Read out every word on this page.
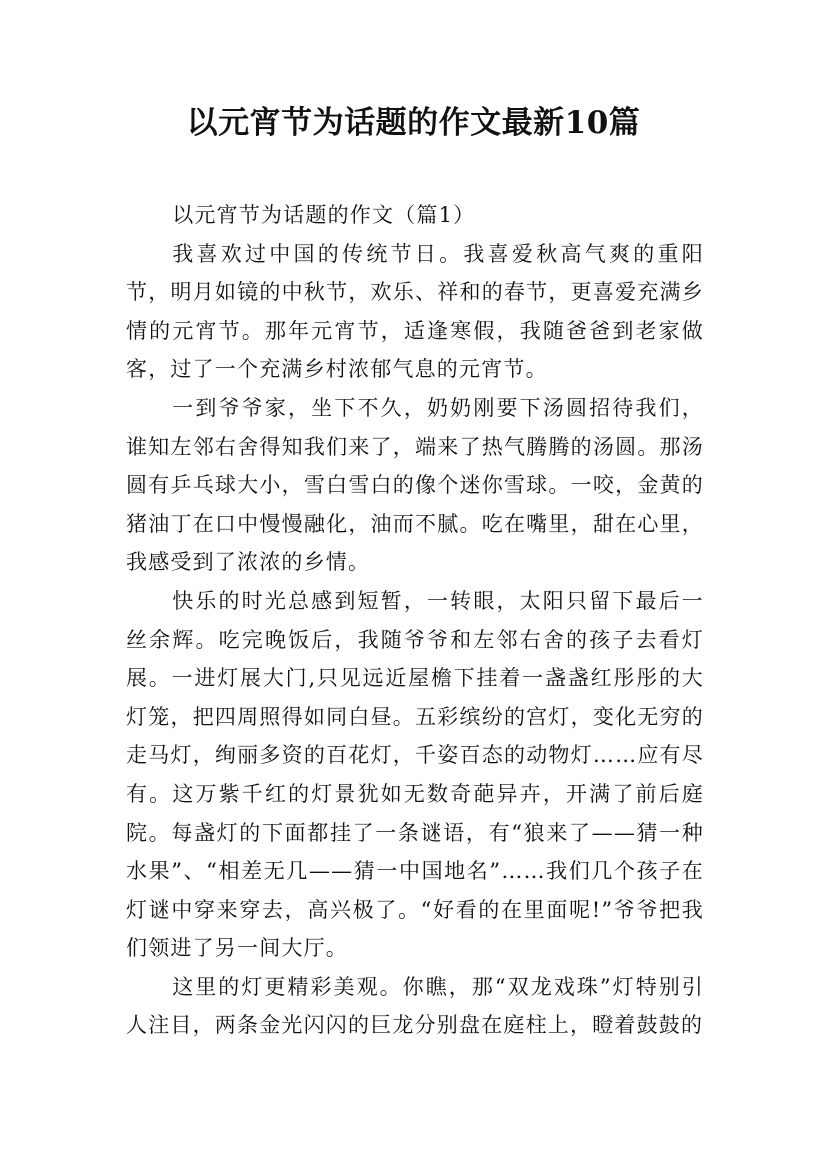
以元宵节为话题的作文最新10篇

以元宵节为话题的作文（篇1）

我喜欢过中国的传统节日。我喜爱秋高气爽的重阳节，明月如镜的中秋节，欢乐、祥和的春节，更喜爱充满乡情的元宵节。那年元宵节，适逢寒假，我随爸爸到老家做客，过了一个充满乡村浓郁气息的元宵节。

一到爷爷家，坐下不久，奶奶刚要下汤圆招待我们，谁知左邻右舍得知我们来了，端来了热气腾腾的汤圆。那汤圆有乒乓球大小，雪白雪白的像个迷你雪球。一咬，金黄的猪油丁在口中慢慢融化，油而不腻。吃在嘴里，甜在心里，我感受到了浓浓的乡情。

快乐的时光总感到短暂，一转眼，太阳只留下最后一丝余辉。吃完晚饭后，我随爷爷和左邻右舍的孩子去看灯展。一进灯展大门,只见远近屋檐下挂着一盏盏红彤彤的大灯笼，把四周照得如同白昼。五彩缤纷的宫灯，变化无穷的走马灯，绚丽多资的百花灯，千姿百态的动物灯……应有尽有。这万紫千红的灯景犹如无数奇葩异卉，开满了前后庭院。每盏灯的下面都挂了一条谜语，有“狼来了——猜一种水果”、“相差无几——猜一中国地名”……我们几个孩子在灯谜中穿来穿去，高兴极了。“好看的在里面呢!”爷爷把我们领进了另一间大厅。

这里的灯更精彩美观。你瞧，那“双龙戏珠”灯特别引人注目，两条金光闪闪的巨龙分别盘在庭柱上，瞪着鼓鼓的
